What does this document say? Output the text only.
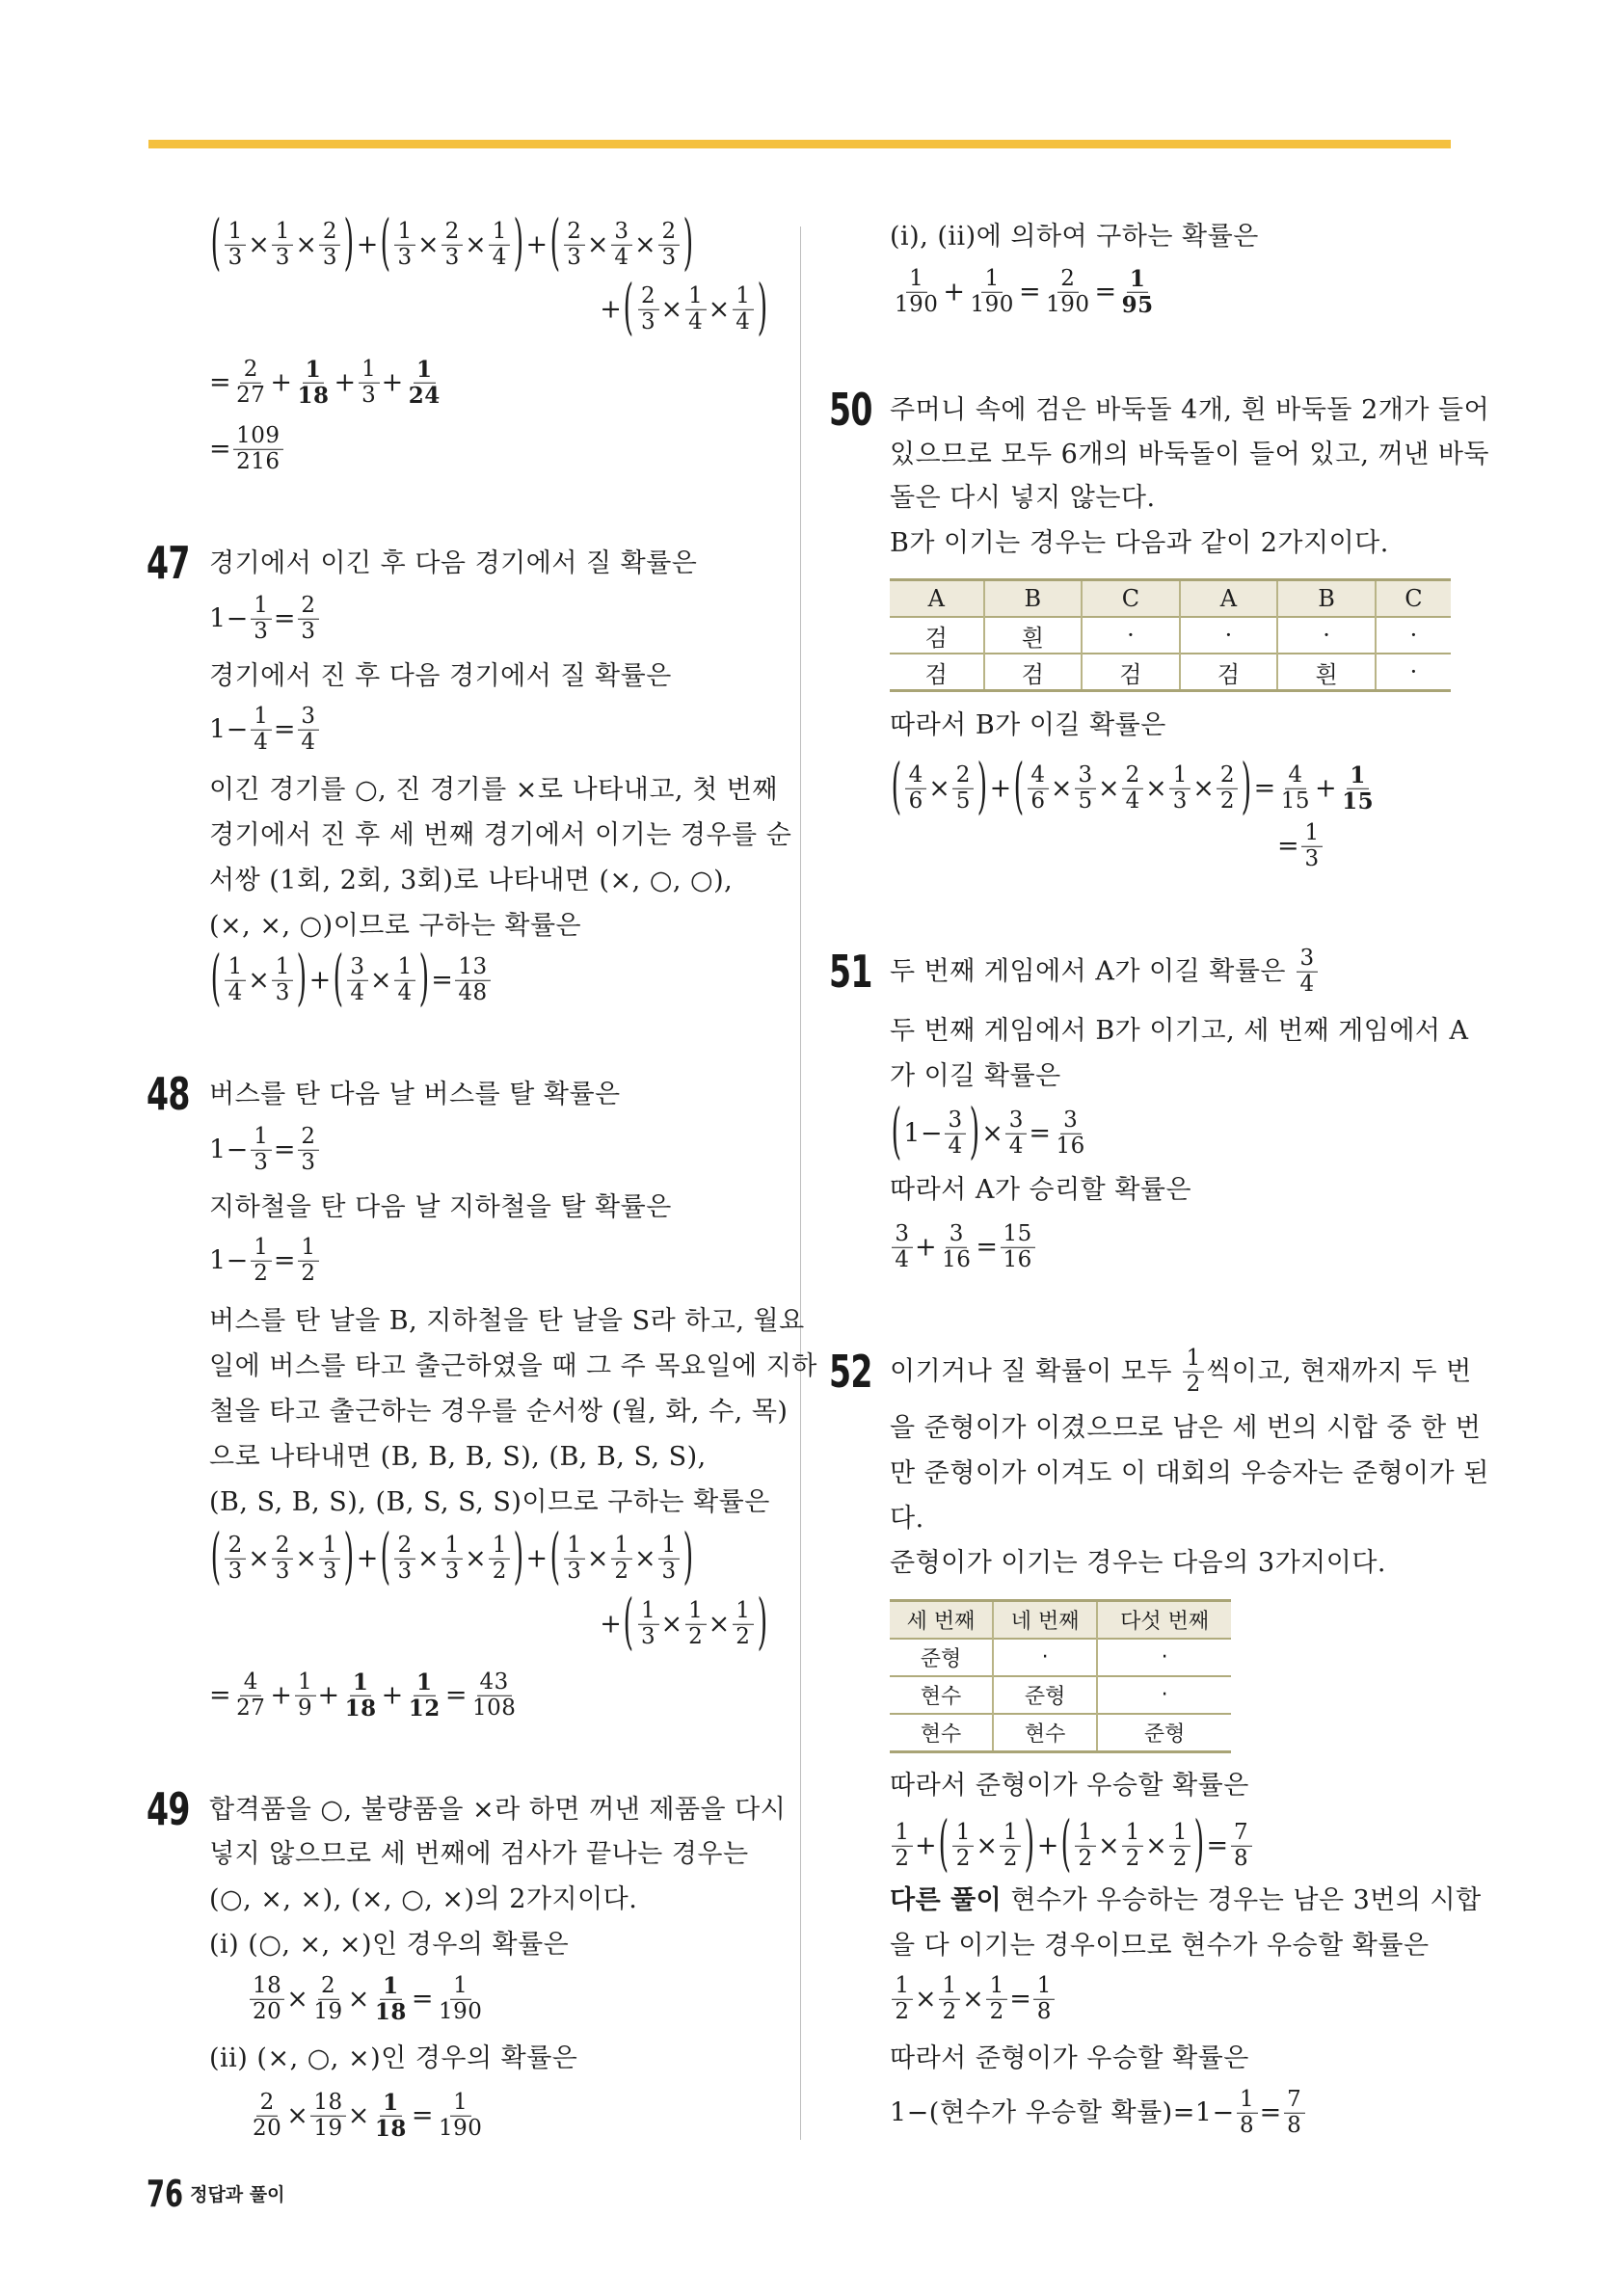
( $\frac{1}{3} \times \frac{1}{3} \times \frac{2}{3}$ )+( $\frac{1}{3} \times \frac{2}{3} \times \frac{1}{4}$ )+( $\frac{2}{3} \times \frac{3}{4} \times \frac{2}{3}$ )
+( $\frac{2}{3} \times \frac{1}{4} \times \frac{1}{4}$ )
= $\frac{2}{27} + \frac{1}{18} + \frac{1}{3} + \frac{1}{24}$
= $\frac{109}{216}$
47 경기에서 이긴 후 다음 경기에서 질 확률은
$1- \frac{1}{3} = \frac{2}{3}$
경기에서 진 후 다음 경기에서 질 확률은
$1- \frac{1}{4} = \frac{3}{4}$
이긴 경기를 ○, 진 경기를 ×로 나타내고, 첫 번째
경기에서 진 후 세 번째 경기에서 이기는 경우를 순
서쌍 (1회, 2회, 3회)로 나타내면 (×, ○, ○),
(×, ×, ○)이므로 구하는 확률은
( $\frac{1}{4} \times \frac{1}{3}$ )+( $\frac{3}{4} \times \frac{1}{4}$ )= $\frac{13}{48}$
48 버스를 탄 다음 날 버스를 탈 확률은
$1- \frac{1}{3} = \frac{2}{3}$
지하철을 탄 다음 날 지하철을 탈 확률은
$1- \frac{1}{2} = \frac{1}{2}$
버스를 탄 날을 B, 지하철을 탄 날을 S라 하고, 월요
일에 버스를 타고 출근하였을 때 그 주 목요일에 지하
철을 타고 출근하는 경우를 순서쌍 (월, 화, 수, 목)
으로 나타내면 (B, B, B, S), (B, B, S, S),
(B, S, B, S), (B, S, S, S)이므로 구하는 확률은
( $\frac{2}{3} \times \frac{2}{3} \times \frac{1}{3}$ )+( $\frac{2}{3} \times \frac{1}{3} \times \frac{1}{2}$ )+( $\frac{1}{3} \times \frac{1}{2} \times \frac{1}{3}$ )
+( $\frac{1}{3} \times \frac{1}{2} \times \frac{1}{2}$ )
= $\frac{4}{27} + \frac{1}{9} + \frac{1}{18} + \frac{1}{12} = \frac{43}{108}$
49 합격품을 ○, 불량품을 ×라 하면 꺼낸 제품을 다시
넣지 않으므로 세 번째에 검사가 끝나는 경우는
(○, ×, ×), (×, ○, ×)의 2가지이다.
(i) (○, ×, ×)인 경우의 확률은
$\frac{18}{20} \times \frac{2}{19} \times \frac{1}{18} = \frac{1}{190}$
(ii) (×, ○, ×)인 경우의 확률은
$\frac{2}{20} \times \frac{18}{19} \times \frac{1}{18} = \frac{1}{190}$
(i), (ii)에 의하여 구하는 확률은
$\frac{1}{190} + \frac{1}{190} = \frac{2}{190} = \frac{1}{95}$
50 주머니 속에 검은 바둑돌 4개, 흰 바둑돌 2개가 들어
있으므로 모두 6개의 바둑돌이 들어 있고, 꺼낸 바둑
돌은 다시 넣지 않는다.
B가 이기는 경우는 다음과 같이 2가지이다.
A	B	C	A	B	C
검	흰	·	·	·	·
검	검	검	검	흰	·
따라서 B가 이길 확률은
( $\frac{4}{6} \times \frac{2}{5}$ )+( $\frac{4}{6} \times \frac{3}{5} \times \frac{2}{4} \times \frac{1}{3} \times \frac{2}{2}$ )= $\frac{4}{15} + \frac{1}{15}$
= $\frac{1}{3}$
51 두 번째 게임에서 A가 이길 확률은 $\frac{3}{4}$
두 번째 게임에서 B가 이기고, 세 번째 게임에서 A
가 이길 확률은
($1- \frac{3}{4}$ )× $\frac{3}{4} = \frac{3}{16}$
따라서 A가 승리할 확률은
$\frac{3}{4} + \frac{3}{16} = \frac{15}{16}$
52 이기거나 질 확률이 모두 $\frac{1}{2}$ 씩이고, 현재까지 두 번
을 준형이가 이겼으므로 남은 세 번의 시합 중 한 번
만 준형이가 이겨도 이 대회의 우승자는 준형이가 된
다.
준형이가 이기는 경우는 다음의 3가지이다.
세 번째	네 번째	다섯 번째
준형	·	·
현수	준형	·
현수	현수	준형
따라서 준형이가 우승할 확률은
$\frac{1}{2}$ +( $\frac{1}{2} \times \frac{1}{2}$ )+( $\frac{1}{2} \times \frac{1}{2} \times \frac{1}{2}$ )= $\frac{7}{8}$
다른 풀이 현수가 우승하는 경우는 남은 3번의 시합
을 다 이기는 경우이므로 현수가 우승할 확률은
$\frac{1}{2} \times \frac{1}{2} \times \frac{1}{2} = \frac{1}{8}$
따라서 준형이가 우승할 확률은
1−(현수가 우승할 확률)$=1- \frac{1}{8} = \frac{7}{8}$
76 정답과 풀이
